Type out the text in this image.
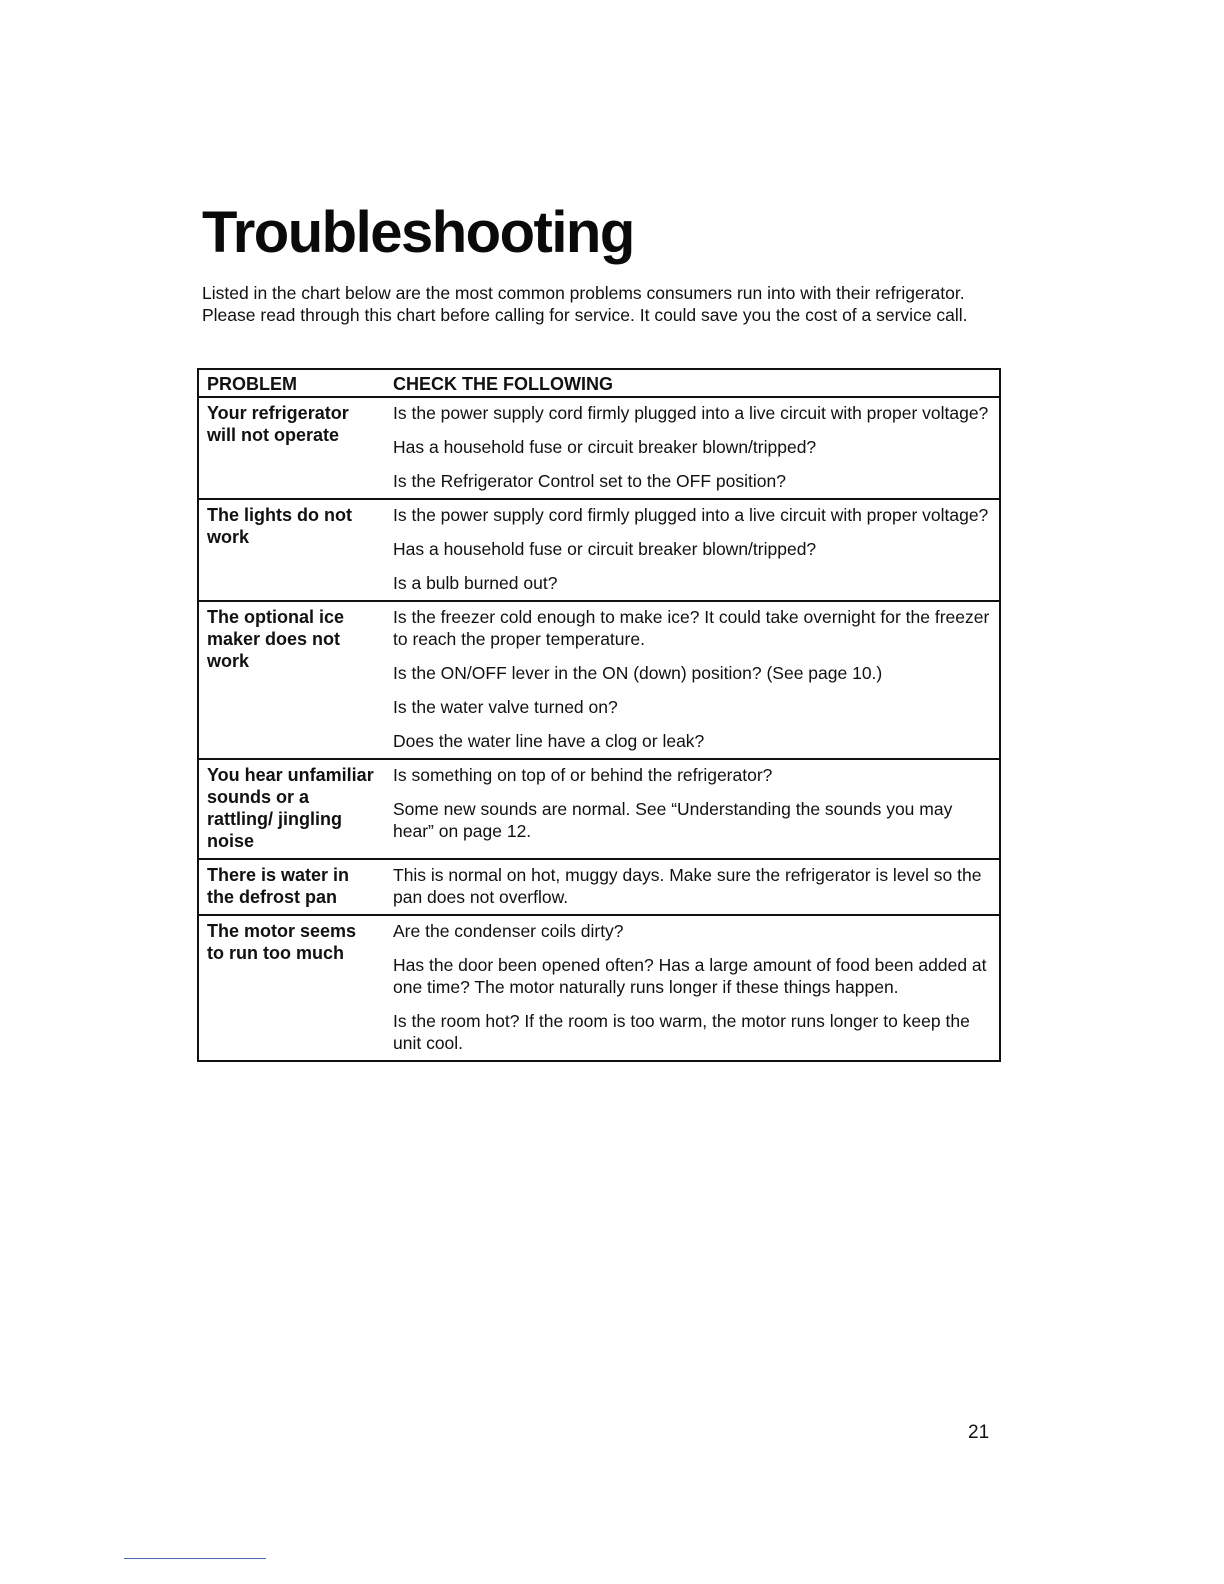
Troubleshooting

Listed in the chart below are the most common problems consumers run into with their refrigerator. Please read through this chart before calling for service. It could save you the cost of a service call.

PROBLEM	CHECK THE FOLLOWING
Your refrigerator will not operate	Is the power supply cord firmly plugged into a live circuit with proper voltage?

Has a household fuse or circuit breaker blown/tripped?

Is the Refrigerator Control set to the OFF position?

The lights do not work	Is the power supply cord firmly plugged into a live circuit with proper voltage?

Has a household fuse or circuit breaker blown/tripped?

Is a bulb burned out?

The optional ice maker does not work	Is the freezer cold enough to make ice? It could take overnight for the freezer to reach the proper temperature.

Is the ON/OFF lever in the ON (down) position? (See page 10.)

Is the water valve turned on?

Does the water line have a clog or leak?

You hear unfamiliar sounds or a rattling/ jingling noise	Is something on top of or behind the refrigerator?

Some new sounds are normal. See “Understanding the sounds you may hear” on page 12.

There is water in the defrost pan	This is normal on hot, muggy days. Make sure the refrigerator is level so the pan does not overflow.

The motor seems to run too much	Are the condenser coils dirty?

Has the door been opened often? Has a large amount of food been added at one time? The motor naturally runs longer if these things happen.

Is the room hot? If the room is too warm, the motor runs longer to keep the unit cool.

21
